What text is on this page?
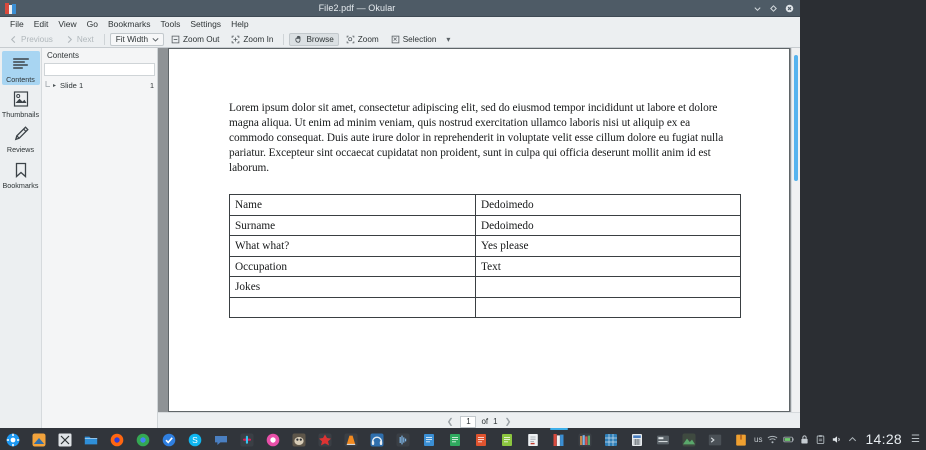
File2.pdf — Okular
File	Edit	View	Go	Bookmarks	Tools	Settings	Help
Previous	Next	Fit Width	Zoom Out	Zoom In	Browse	Zoom	Selection	▾
Contents
Thumbnails
Reviews
Bookmarks
Contents
▸ Slide 1	1

Lorem ipsum dolor sit amet, consectetur adipiscing elit, sed do eiusmod tempor incididunt ut labore et dolore magna aliqua. Ut enim ad minim veniam, quis nostrud exercitation ullamco laboris nisi ut aliquip ex ea commodo consequat. Duis aute irure dolor in reprehenderit in voluptate velit esse cillum dolore eu fugiat nulla pariatur. Excepteur sint occaecat cupidatat non proident, sunt in culpa qui officia deserunt mollit anim id est laborum.

Name	Dedoimedo
Surname	Dedoimedo
What what?	Yes please
Occupation	Text
Jokes	

❮	1	of 1 ❯
S	us	14:28 ☰
